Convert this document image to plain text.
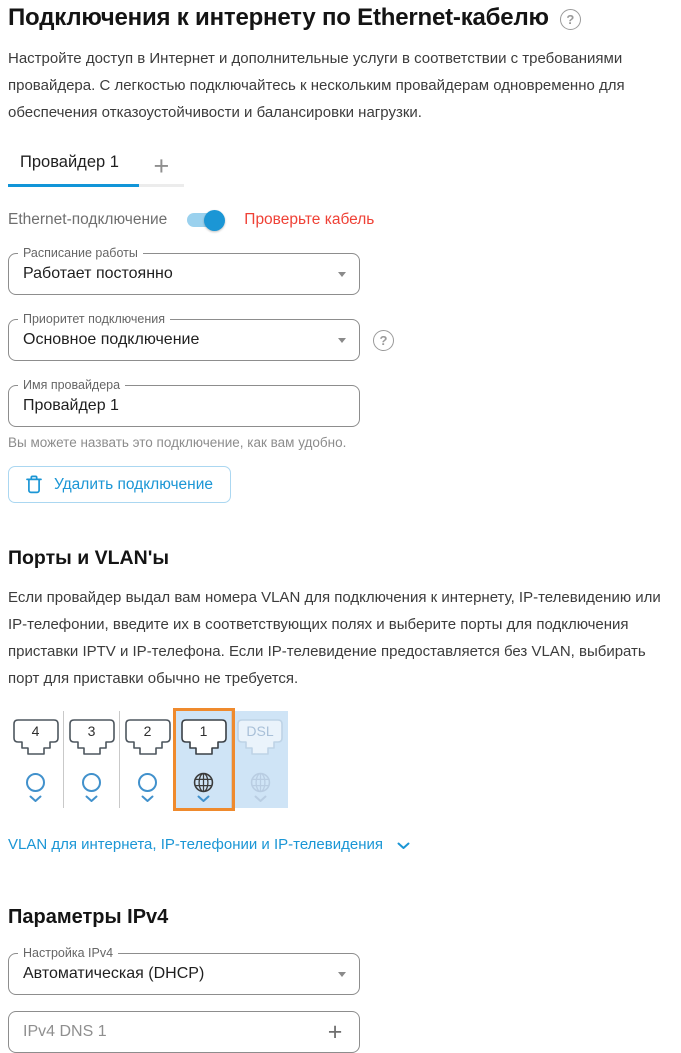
Подключения к интернету по Ethernet-кабелю	?

Настройте доступ в Интернет и дополнительные услуги в соответствии с требованиями провайдера. С легкостью подключайтесь к нескольким провайдерам одновременно для обеспечения отказоустойчивости и балансировки нагрузки.

Провайдер 1	+
Ethernet-подключение	Проверьте кабель
Расписание работы
Работает постоянно
Приоритет подключения
Основное подключение	?
Имя провайдера
Провайдер 1
Вы можете назвать это подключение, как вам удобно.
Удалить подключение
Порты и VLAN'ы

Если провайдер выдал вам номера VLAN для подключения к интернету, IP-телевидению или IP-телефонии, введите их в соответствующих полях и выберите порты для подключения приставки IPTV и IP-телефона. Если IP-телевидение предоставляется без VLAN, выбирать порт для приставки обычно не требуется.

4	3	2	1	DSL
VLAN для интернета, IP-телефонии и IP-телевидения
Параметры IPv4
Настройка IPv4
Автоматическая (DHCP)
IPv4 DNS 1
+
